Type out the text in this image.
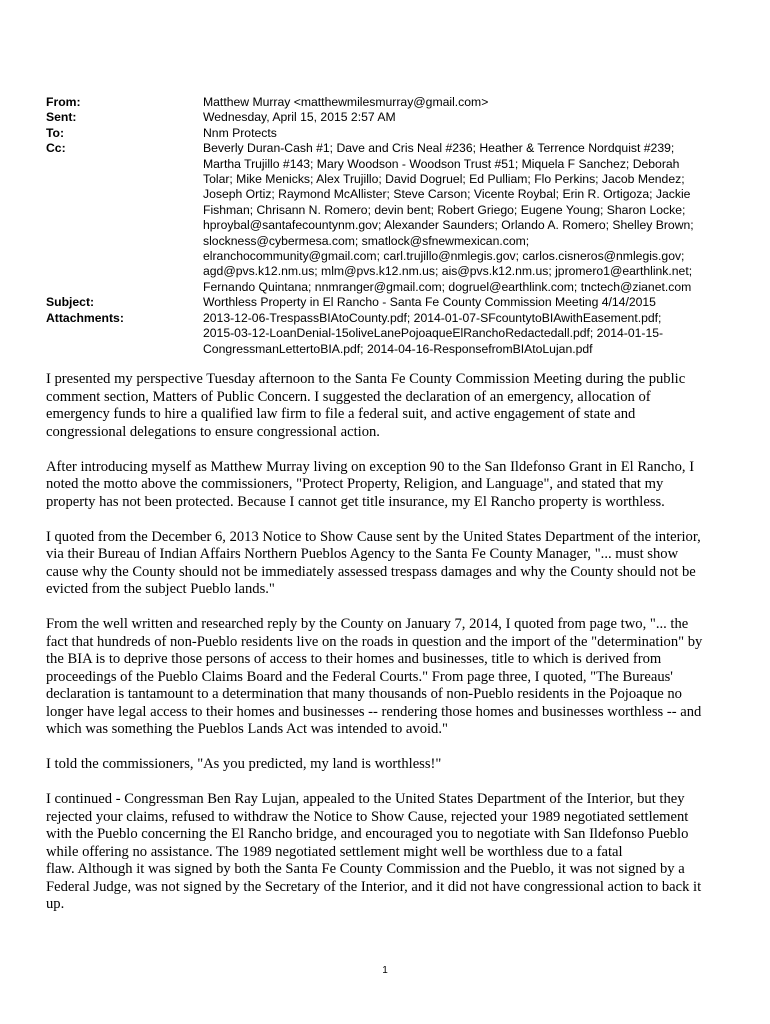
From:	Matthew Murray <matthewmilesmurray@gmail.com>
Sent:	Wednesday, April 15, 2015 2:57 AM
To:	Nnm Protects
Cc:	Beverly Duran-Cash #1; Dave and Cris Neal #236; Heather & Terrence Nordquist #239;
Martha Trujillo #143; Mary Woodson - Woodson Trust #51; Miquela F Sanchez; Deborah
Tolar; Mike Menicks; Alex Trujillo; David Dogruel; Ed Pulliam; Flo Perkins; Jacob Mendez;
Joseph Ortiz; Raymond McAllister; Steve Carson; Vicente Roybal; Erin R. Ortigoza; Jackie
Fishman; Chrisann N. Romero; devin bent; Robert Griego; Eugene Young; Sharon Locke;
hproybal@santafecountynm.gov; Alexander Saunders; Orlando A. Romero; Shelley Brown;
slockness@cybermesa.com; smatlock@sfnewmexican.com;
elranchocommunity@gmail.com; carl.trujillo@nmlegis.gov; carlos.cisneros@nmlegis.gov;
agd@pvs.k12.nm.us; mlm@pvs.k12.nm.us; ais@pvs.k12.nm.us; jpromero1@earthlink.net;
Fernando Quintana; nnmranger@gmail.com; dogruel@earthlink.com; tnctech@zianet.com
Subject:	Worthless Property in El Rancho - Santa Fe County Commission Meeting 4/14/2015
Attachments:	2013-12-06-TrespassBIAtoCounty.pdf; 2014-01-07-SFcountytoBIAwithEasement.pdf;
2015-03-12-LoanDenial-15oliveLanePojoaqueElRanchoRedactedall.pdf; 2014-01-15-
CongressmanLettertoBIA.pdf; 2014-04-16-ResponsefromBIAtoLujan.pdf
I presented my perspective Tuesday afternoon to the Santa Fe County Commission Meeting during the public
comment section, Matters of Public Concern. I suggested the declaration of an emergency, allocation of
emergency funds to hire a qualified law firm to file a federal suit, and active engagement of state and
congressional delegations to ensure congressional action.
After introducing myself as Matthew Murray living on exception 90 to the San Ildefonso Grant in El Rancho, I
noted the motto above the commissioners, "Protect Property, Religion, and Language", and stated that my
property has not been protected. Because I cannot get title insurance, my El Rancho property is worthless.
I quoted from the December 6, 2013 Notice to Show Cause sent by the United States Department of the interior,
via their Bureau of Indian Affairs Northern Pueblos Agency to the Santa Fe County Manager, "... must show
cause why the County should not be immediately assessed trespass damages and why the County should not be
evicted from the subject Pueblo lands."
From the well written and researched reply by the County on January 7, 2014, I quoted from page two, "... the
fact that hundreds of non-Pueblo residents live on the roads in question and the import of the "determination" by
the BIA is to deprive those persons of access to their homes and businesses, title to which is derived from
proceedings of the Pueblo Claims Board and the Federal Courts." From page three, I quoted, "The Bureaus'
declaration is tantamount to a determination that many thousands of non-Pueblo residents in the Pojoaque no
longer have legal access to their homes and businesses -- rendering those homes and businesses worthless -- and
which was something the Pueblos Lands Act was intended to avoid."
I told the commissioners, "As you predicted, my land is worthless!"
I continued - Congressman Ben Ray Lujan, appealed to the United States Department of the Interior, but they
rejected your claims, refused to withdraw the Notice to Show Cause, rejected your 1989 negotiated settlement
with the Pueblo concerning the El Rancho bridge, and encouraged you to negotiate with San Ildefonso Pueblo
while offering no assistance. The 1989 negotiated settlement might well be worthless due to a fatal
flaw. Although it was signed by both the Santa Fe County Commission and the Pueblo, it was not signed by a
Federal Judge, was not signed by the Secretary of the Interior, and it did not have congressional action to back it
up.
1
